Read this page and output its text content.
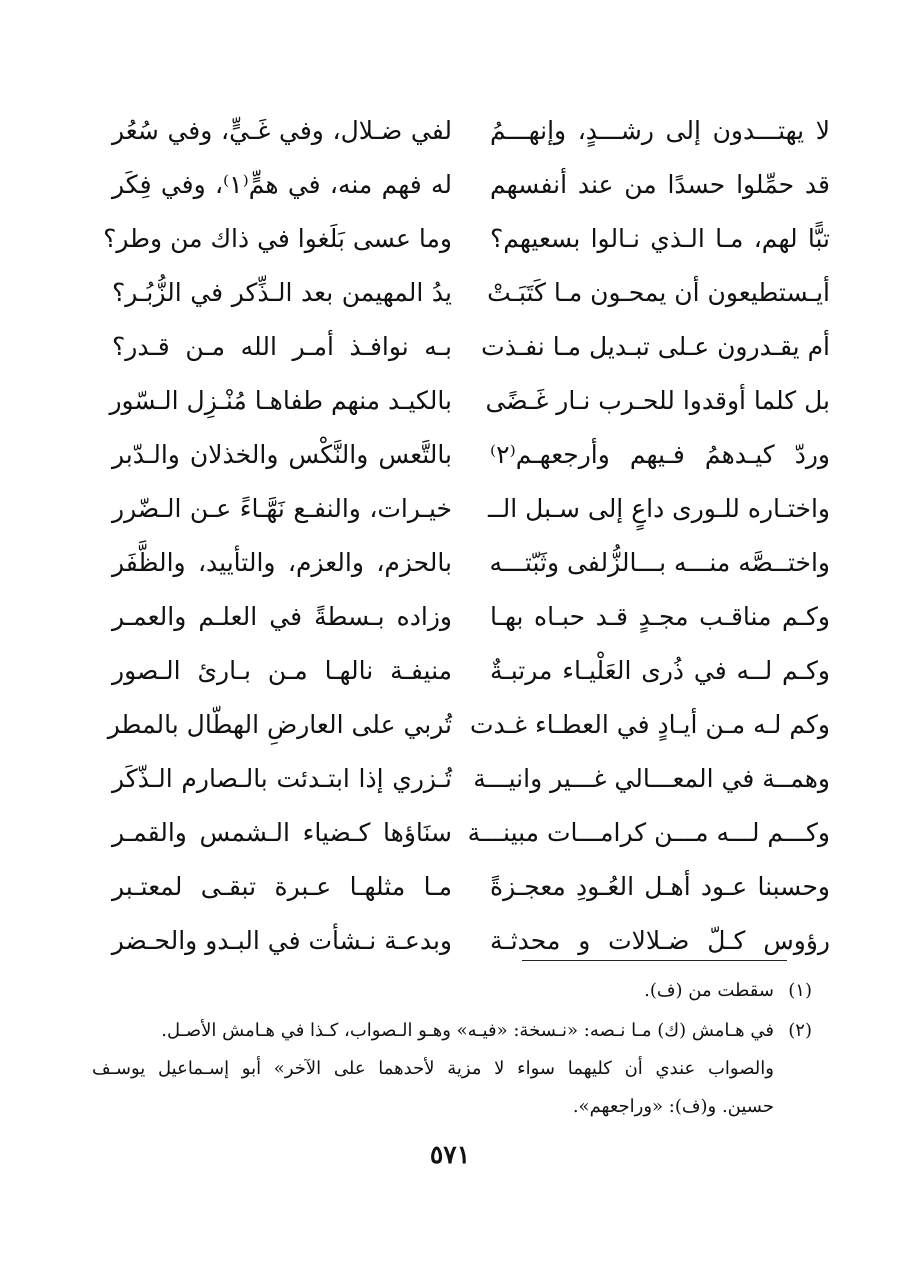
لا يهتـــدون إلى رشـــدٍ، وإنهـــمُ
قد حمِّلوا حسدًا من عند أنفسهم
تبًّا لهم، مـا الـذي نـالوا بسعيهم؟
أيـستطيعون أن يمحـون مـا كَتَبَـتْ
أم يقـدرون عـلى تبـديل مـا نفـذت
بل كلما أوقدوا للحـرب نـار غَـضًى
وردّ كيـدهمُ فـيهم وأرجعهـم⁽٢⁾
واختـاره للـورى داعٍ إلى سـبل الــ
واختــصَّه منـــه بـــالزُّلفى وثَبّتـــه
وكـم مناقـب مجـدٍ قـد حبـاه بهـا
وكـم لــه في ذُرى العَلْيـاء مرتبـةٌ
وكم لـه مـن أيـادٍ في العطـاء غـدت
وهمــة في المعـــالي غـــير وانيـــة
وكـــم لـــه مـــن كرامـــات مبينـــة
وحسبنا عـود أهـل العُـودِ معجـزةً
رؤوس كـلّ ضـلالات و محدثـة
لفي ضـلال، وفي غَـيٍّ، وفي سُعُر
له فهم منه، في همٍّ⁽١⁾، وفي فِكَر
وما عسى بَلَغوا في ذاك من وطر؟
يدُ المهيمن بعد الـذِّكر في الزُّبُـر؟
بـه نوافـذ أمـر الله مـن قـدر؟
بالكيـد منهم طفاهـا مُنْـزِل الـسّور
بالتَّعس والنَّكْس والخذلان والـدّبر
خيـرات، والنفـع نَهَّـاءً عـن الـضّرر
بالحزم، والعزم، والتأييد، والظَّفَر
وزاده بـسطةً في العلـم والعمـر
منيفـة نالهـا مـن بـارئ الـصور
تُربي على العارضِ الهطّال بالمطر
تُـزري إذا ابتـدئت بالـصارم الـذّكَر
سنَاؤها كـضياء الـشمس والقمـر
مـا مثلهـا عـبرة تبقـى لمعتـبر
وبدعـة نـشأت في البـدو والحـضر
(١)سقطت من (ف).
(٢)في هـامش (ك) مـا نـصه: «نـسخة: «فيـه» وهـو الـصواب، كـذا في هـامش الأصـل.
والصواب عندي أن كليهما سواء لا مزية لأحدهما على الآخر» أبو إسـماعيل يوسـف
حسين. و(ف): «وراجعهم».
٥٧١
